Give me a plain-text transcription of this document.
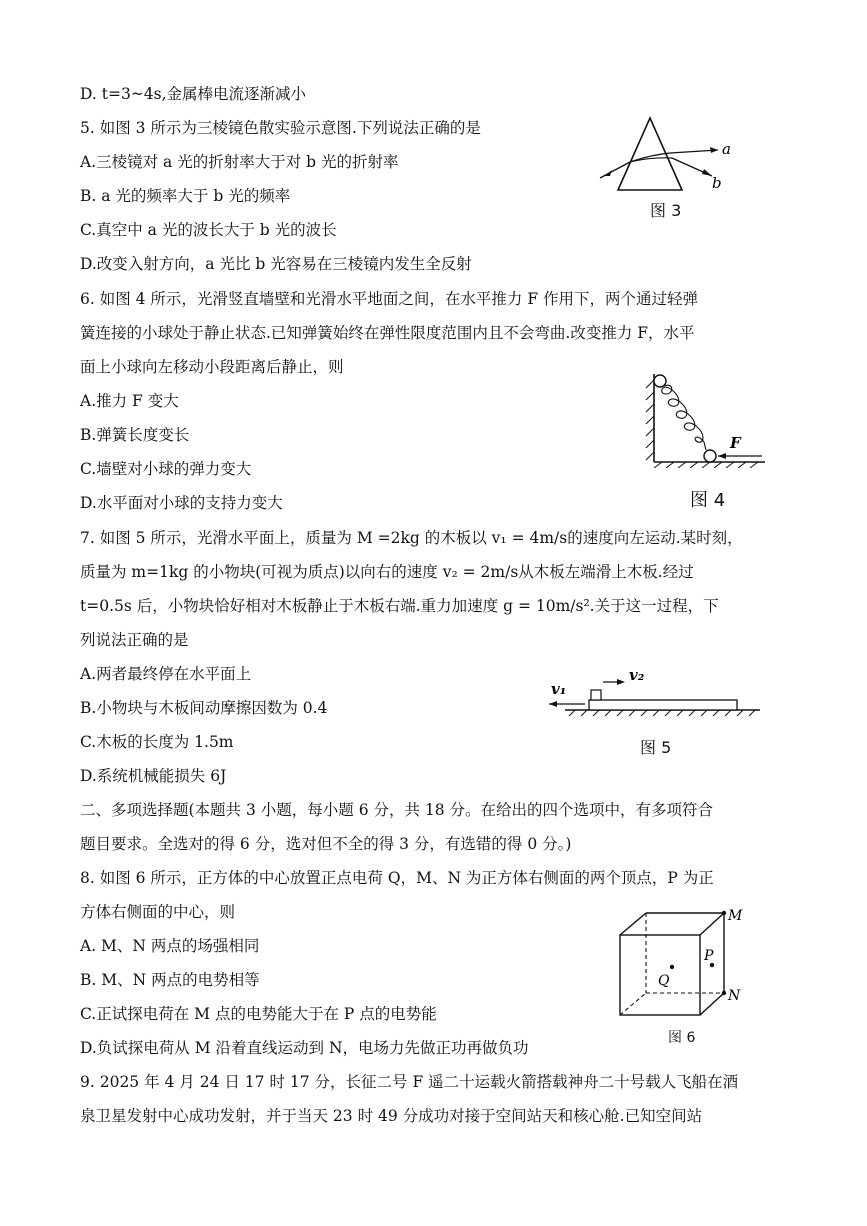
D. t=3~4s,金属棒电流逐渐减小
5. 如图 3 所示为三棱镜色散实验示意图.下列说法正确的是
A.三棱镜对 a 光的折射率大于对 b 光的折射率
B. a 光的频率大于 b 光的频率
C.真空中 a 光的波长大于 b 光的波长
D.改变入射方向，a 光比 b 光容易在三棱镜内发生全反射
6. 如图 4 所示，光滑竖直墙壁和光滑水平地面之间，在水平推力 F 作用下，两个通过轻弹
簧连接的小球处于静止状态.已知弹簧始终在弹性限度范围内且不会弯曲.改变推力 F，水平
面上小球向左移动小段距离后静止，则
A.推力 F 变大
B.弹簧长度变长
C.墙壁对小球的弹力变大
D.水平面对小球的支持力变大
7. 如图 5 所示，光滑水平面上，质量为 M =2kg 的木板以 v₁ = 4m/s的速度向左运动.某时刻，
质量为 m=1kg 的小物块(可视为质点)以向右的速度 v₂ = 2m/s从木板左端滑上木板.经过
t=0.5s 后，小物块恰好相对木板静止于木板右端.重力加速度 g = 10m/s².关于这一过程，下
列说法正确的是
A.两者最终停在水平面上
B.小物块与木板间动摩擦因数为 0.4
C.木板的长度为 1.5m
D.系统机械能损失 6J
二、多项选择题(本题共 3 小题，每小题 6 分，共 18 分。在给出的四个选项中，有多项符合
题目要求。全选对的得 6 分，选对但不全的得 3 分，有选错的得 0 分。)
8. 如图 6 所示，正方体的中心放置正点电荷 Q，M、N 为正方体右侧面的两个顶点，P 为正
方体右侧面的中心，则
A. M、N 两点的场强相同
B. M、N 两点的电势相等
C.正试探电荷在 M 点的电势能大于在 P 点的电势能
D.负试探电荷从 M 沿着直线运动到 N，电场力先做正功再做负功
9. 2025 年 4 月 24 日 17 时 17 分，长征二号 F 遥二十运载火箭搭载神舟二十号载人飞船在酒
泉卫星发射中心成功发射，并于当天 23 时 49 分成功对接于空间站天和核心舱.已知空间站
a
b
图 3
F
图 4
v₁
v₂
图 5
M
N
P
Q
图 6
